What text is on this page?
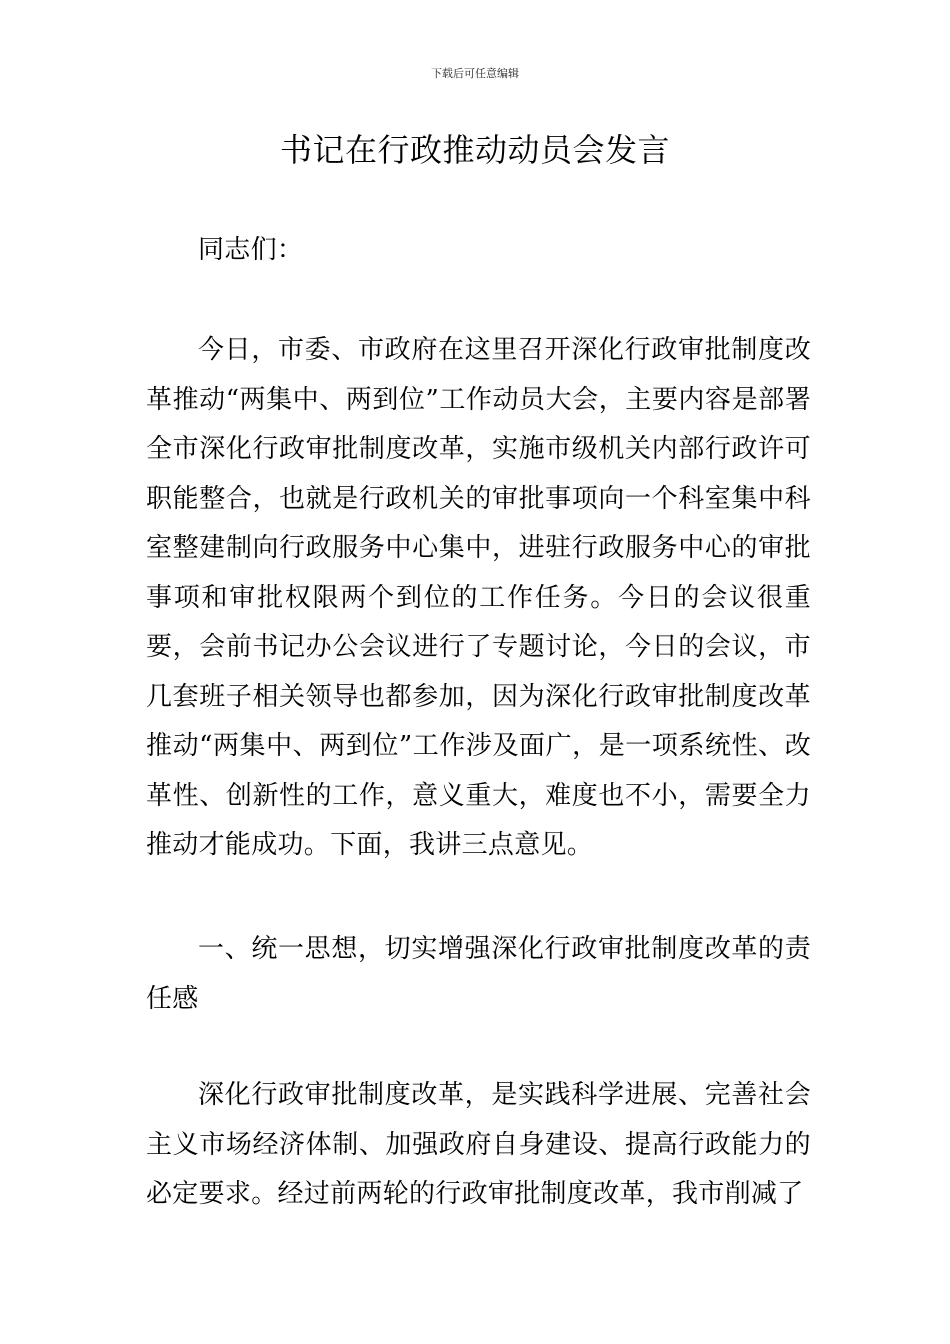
下载后可任意编辑
书记在行政推动动员会发言

同志们：

今日，市委、市政府在这里召开深化行政审批制度改革推动“两集中、两到位”工作动员大会，主要内容是部署全市深化行政审批制度改革，实施市级机关内部行政许可职能整合，也就是行政机关的审批事项向一个科室集中科室整建制向行政服务中心集中，进驻行政服务中心的审批事项和审批权限两个到位的工作任务。今日的会议很重要，会前书记办公会议进行了专题讨论，今日的会议，市几套班子相关领导也都参加，因为深化行政审批制度改革推动“两集中、两到位”工作涉及面广，是一项系统性、改革性、创新性的工作，意义重大，难度也不小，需要全力推动才能成功。下面，我讲三点意见。

一、统一思想，切实增强深化行政审批制度改革的责任感

深化行政审批制度改革，是实践科学进展、完善社会主义市场经济体制、加强政府自身建设、提高行政能力的必定要求。经过前两轮的行政审批制度改革，我市削减了
